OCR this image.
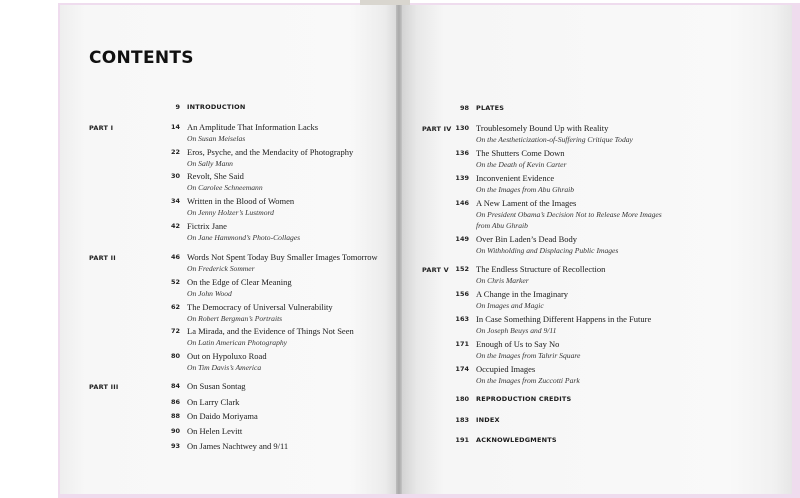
CONTENTS
9 INTRODUCTION
PART I	14 An Amplitude That Information Lacks
On Susan Meiselas
22 Eros, Psyche, and the Mendacity of Photography
On Sally Mann
30 Revolt, She Said
On Carolee Schneemann
34 Written in the Blood of Women
On Jenny Holzer’s Lustmord
42 Fictrix Jane
On Jane Hammond’s Photo-Collages
PART II	46 Words Not Spent Today Buy Smaller Images Tomorrow
On Frederick Sommer
52 On the Edge of Clear Meaning
On John Wood
62 The Democracy of Universal Vulnerability
On Robert Bergman’s Portraits
72 La Mirada, and the Evidence of Things Not Seen
On Latin American Photography
80 Out on Hypoluxo Road
On Tim Davis’s America
PART III	84 On Susan Sontag
86 On Larry Clark
88 On Daido Moriyama
90 On Helen Levitt
93 On James Nachtwey and 9/11
98 PLATES
PART IV 130 Troublesomely Bound Up with Reality
On the Aestheticization-of-Suffering Critique Today
136 The Shutters Come Down
On the Death of Kevin Carter
139 Inconvenient Evidence
On the Images from Abu Ghraib
146 A New Lament of the Images
On President Obama’s Decision Not to Release More Images
from Abu Ghraib
149 Over Bin Laden’s Dead Body
On Withholding and Displacing Public Images
PART V	152 The Endless Structure of Recollection
On Chris Marker
156 A Change in the Imaginary
On Images and Magic
163 In Case Something Different Happens in the Future
On Joseph Beuys and 9/11
171 Enough of Us to Say No
On the Images from Tahrir Square
174 Occupied Images
On the Images from Zuccotti Park
180 REPRODUCTION CREDITS
183 INDEX
191 ACKNOWLEDGMENTS
